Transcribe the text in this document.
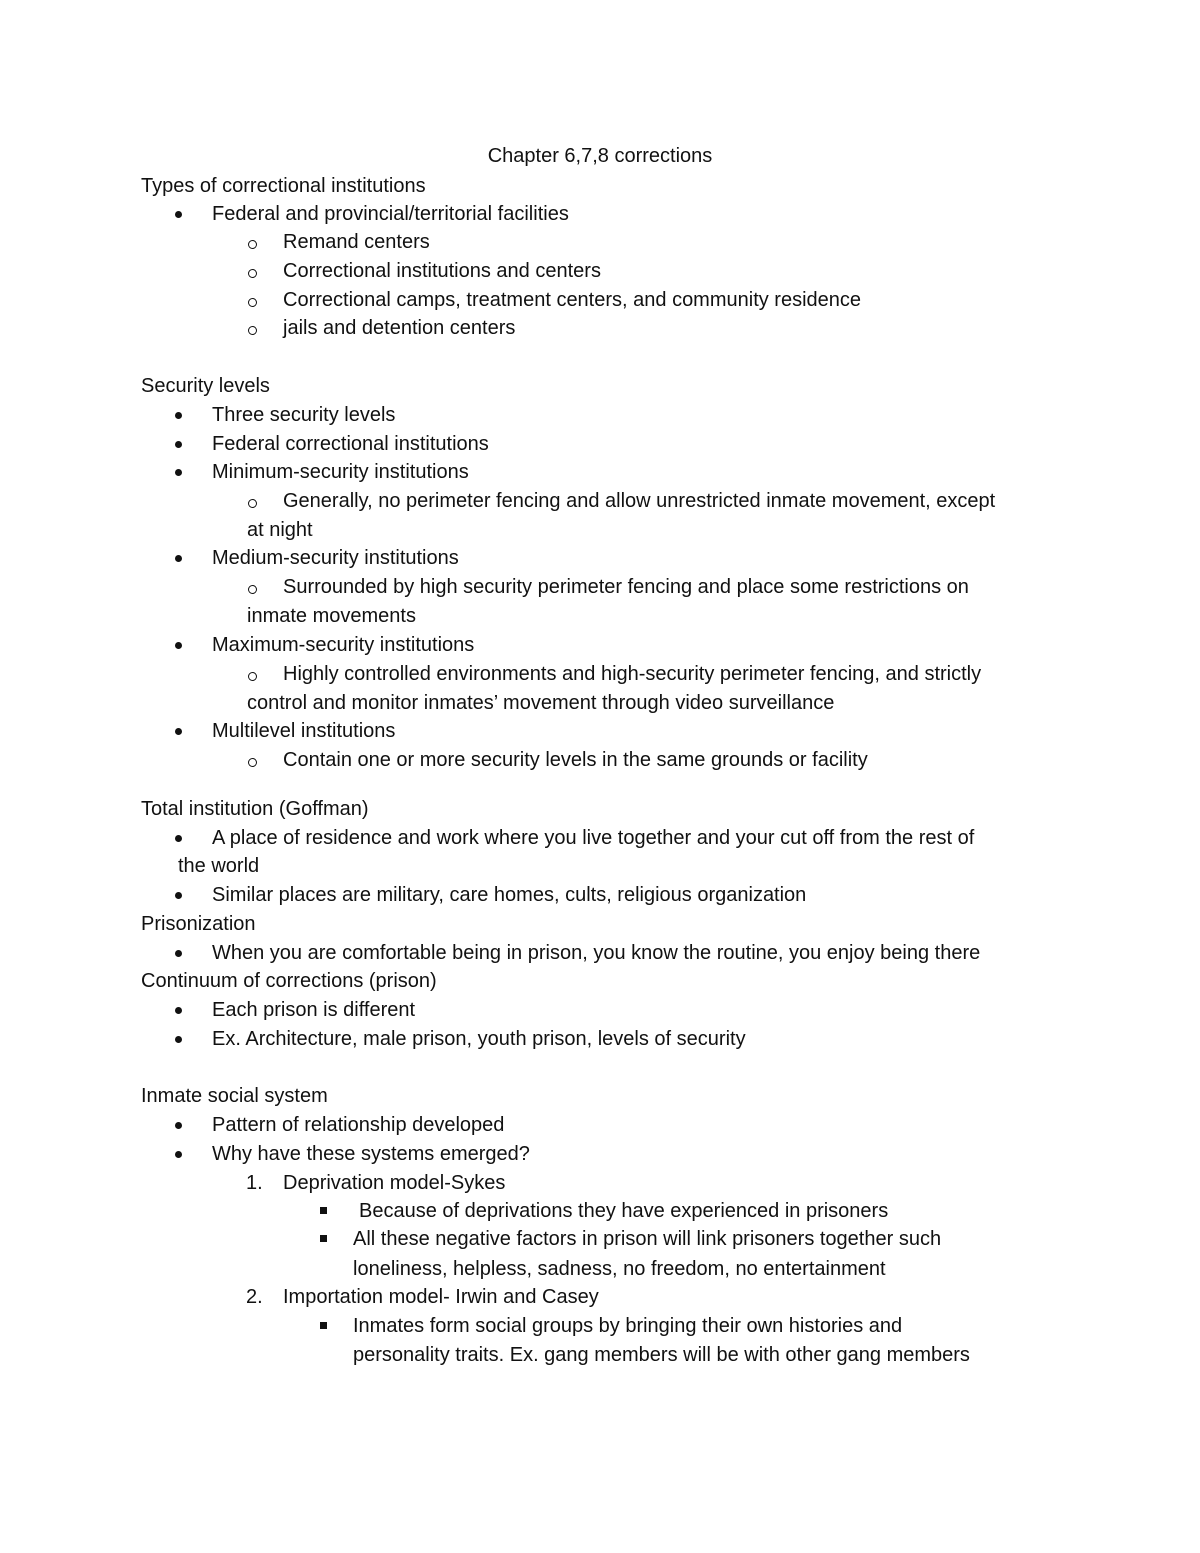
Chapter 6,7,8 corrections
Types of correctional institutions
Federal and provincial/territorial facilities
Remand centers
Correctional institutions and centers
Correctional camps, treatment centers, and community residence
jails and detention centers
Security levels
Three security levels
Federal correctional institutions
Minimum-security institutions
Generally, no perimeter fencing and allow unrestricted inmate movement, except
at night
Medium-security institutions
Surrounded by high security perimeter fencing and place some restrictions on
inmate movements
Maximum-security institutions
Highly controlled environments and high-security perimeter fencing, and strictly
control and monitor inmates’ movement through video surveillance
Multilevel institutions
Contain one or more security levels in the same grounds or facility
Total institution (Goffman)
A place of residence and work where you live together and your cut off from the rest of
the world
Similar places are military, care homes, cults, religious organization
Prisonization
When you are comfortable being in prison, you know the routine, you enjoy being there
Continuum of corrections (prison)
Each prison is different
Ex. Architecture, male prison, youth prison, levels of security
Inmate social system
Pattern of relationship developed
Why have these systems emerged?
1. Deprivation model-Sykes
Because of deprivations they have experienced in prisoners
All these negative factors in prison will link prisoners together such
loneliness, helpless, sadness, no freedom, no entertainment
2. Importation model- Irwin and Casey
Inmates form social groups by bringing their own histories and
personality traits. Ex. gang members will be with other gang members
